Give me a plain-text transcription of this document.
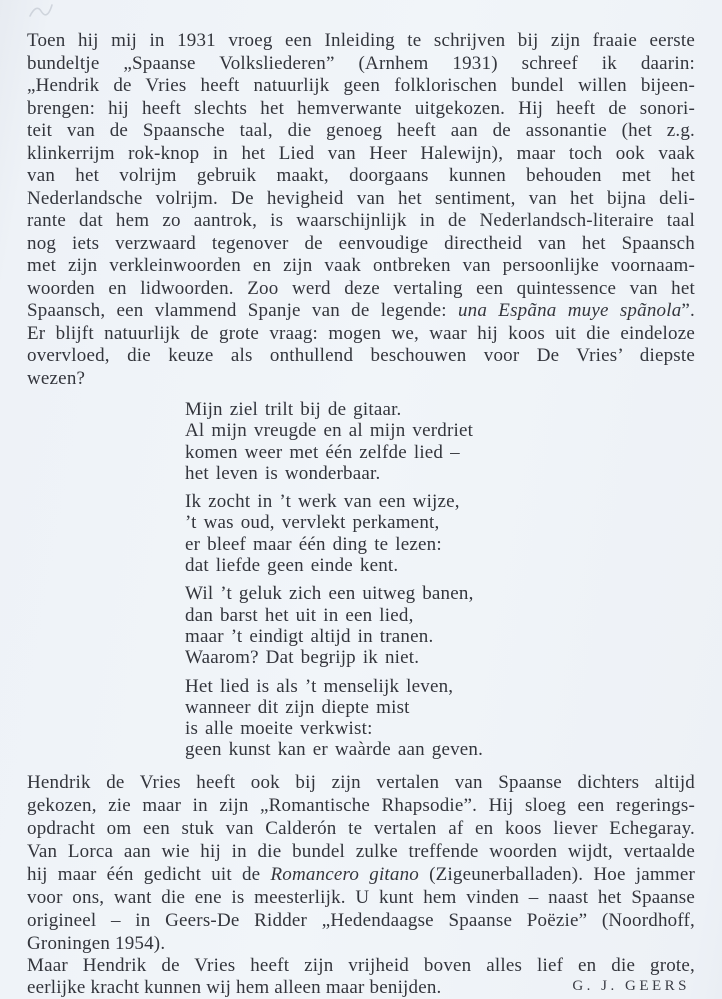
Toen hij mij in 1931 vroeg een Inleiding te schrijven bij zijn fraaie eerste
bundeltje „Spaanse Volksliederen” (Arnhem 1931) schreef ik daarin:
„Hendrik de Vries heeft natuurlijk geen folklorischen bundel willen bijeen-
brengen: hij heeft slechts het hemverwante uitgekozen. Hij heeft de sonori-
teit van de Spaansche taal, die genoeg heeft aan de assonantie (het z.g.
klinkerrijm rok-knop in het Lied van Heer Halewijn), maar toch ook vaak
van het volrijm gebruik maakt, doorgaans kunnen behouden met het
Nederlandsche volrijm. De hevigheid van het sentiment, van het bijna deli-
rante dat hem zo aantrok, is waarschijnlijk in de Nederlandsch-literaire taal
nog iets verzwaard tegenover de eenvoudige directheid van het Spaansch
met zijn verkleinwoorden en zijn vaak ontbreken van persoonlijke voornaam-
woorden en lidwoorden. Zoo werd deze vertaling een quintessence van het
Spaansch, een vlammend Spanje van de legende: una Espãna muye spãnola”.
Er blijft natuurlijk de grote vraag: mogen we, waar hij koos uit die eindeloze
overvloed, die keuze als onthullend beschouwen voor De Vries’ diepste
wezen?
Mijn ziel trilt bij de gitaar.
Al mijn vreugde en al mijn verdriet
komen weer met één zelfde lied –
het leven is wonderbaar.
Ik zocht in ’t werk van een wijze,
’t was oud, vervlekt perkament,
er bleef maar één ding te lezen:
dat liefde geen einde kent.
Wil ’t geluk zich een uitweg banen,
dan barst het uit in een lied,
maar ’t eindigt altijd in tranen.
Waarom? Dat begrijp ik niet.
Het lied is als ’t menselijk leven,
wanneer dit zijn diepte mist
is alle moeite verkwist:
geen kunst kan er waàrde aan geven.
Hendrik de Vries heeft ook bij zijn vertalen van Spaanse dichters altijd
gekozen, zie maar in zijn „Romantische Rhapsodie”. Hij sloeg een regerings-
opdracht om een stuk van Calderón te vertalen af en koos liever Echegaray.
Van Lorca aan wie hij in die bundel zulke treffende woorden wijdt, vertaalde
hij maar één gedicht uit de Romancero gitano (Zigeunerballaden). Hoe jammer
voor ons, want die ene is meesterlijk. U kunt hem vinden – naast het Spaanse
origineel – in Geers-De Ridder „Hedendaagse Spaanse Poëzie” (Noordhoff,
Groningen 1954).
Maar Hendrik de Vries heeft zijn vrijheid boven alles lief en die grote,
eerlijke kracht kunnen wij hem alleen maar benijden.	G. J. GEERS
